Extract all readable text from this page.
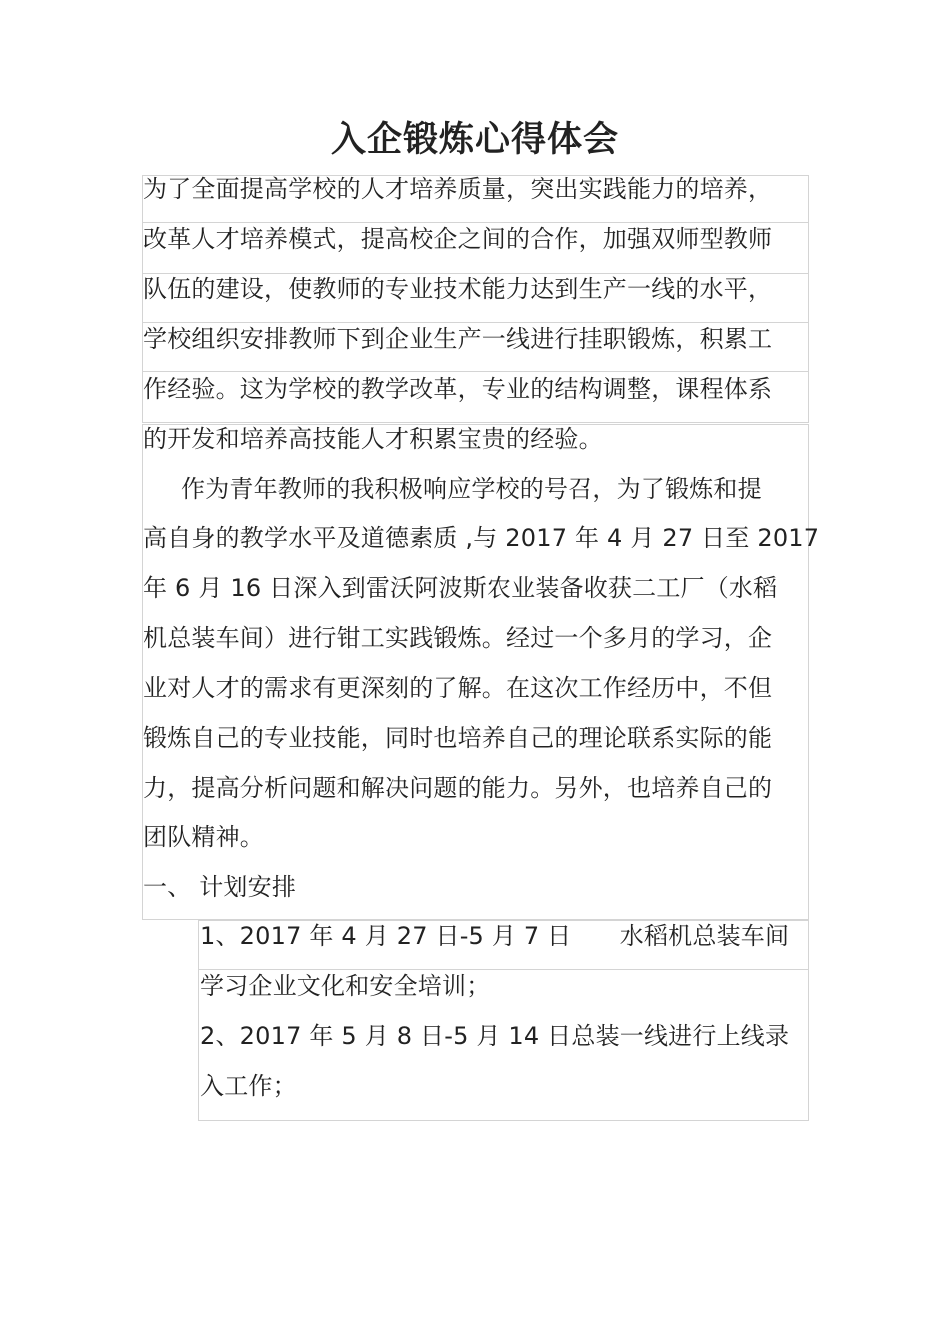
入企锻炼心得体会
为了全面提高学校的人才培养质量，突出实践能力的培养，
改革人才培养模式，提高校企之间的合作，加强双师型教师
队伍的建设，使教师的专业技术能力达到生产一线的水平，
学校组织安排教师下到企业生产一线进行挂职锻炼，积累工
作经验。这为学校的教学改革，专业的结构调整，课程体系
的开发和培养高技能人才积累宝贵的经验。
作为青年教师的我积极响应学校的号召，为了锻炼和提
高自身的教学水平及道德素质 ,与 2017 年 4 月 27 日至 2017
年 6 月 16 日深入到雷沃阿波斯农业装备收获二工厂（水稻
机总装车间）进行钳工实践锻炼。经过一个多月的学习，企
业对人才的需求有更深刻的了解。在这次工作经历中，不但
锻炼自己的专业技能，同时也培养自己的理论联系实际的能
力，提高分析问题和解决问题的能力。另外，也培养自己的
团队精神。
一、 计划安排
1、2017 年 4 月 27 日-5 月 7 日　　水稻机总装车间
学习企业文化和安全培训；
2、2017 年 5 月 8 日-5 月 14 日总装一线进行上线录
入工作；
